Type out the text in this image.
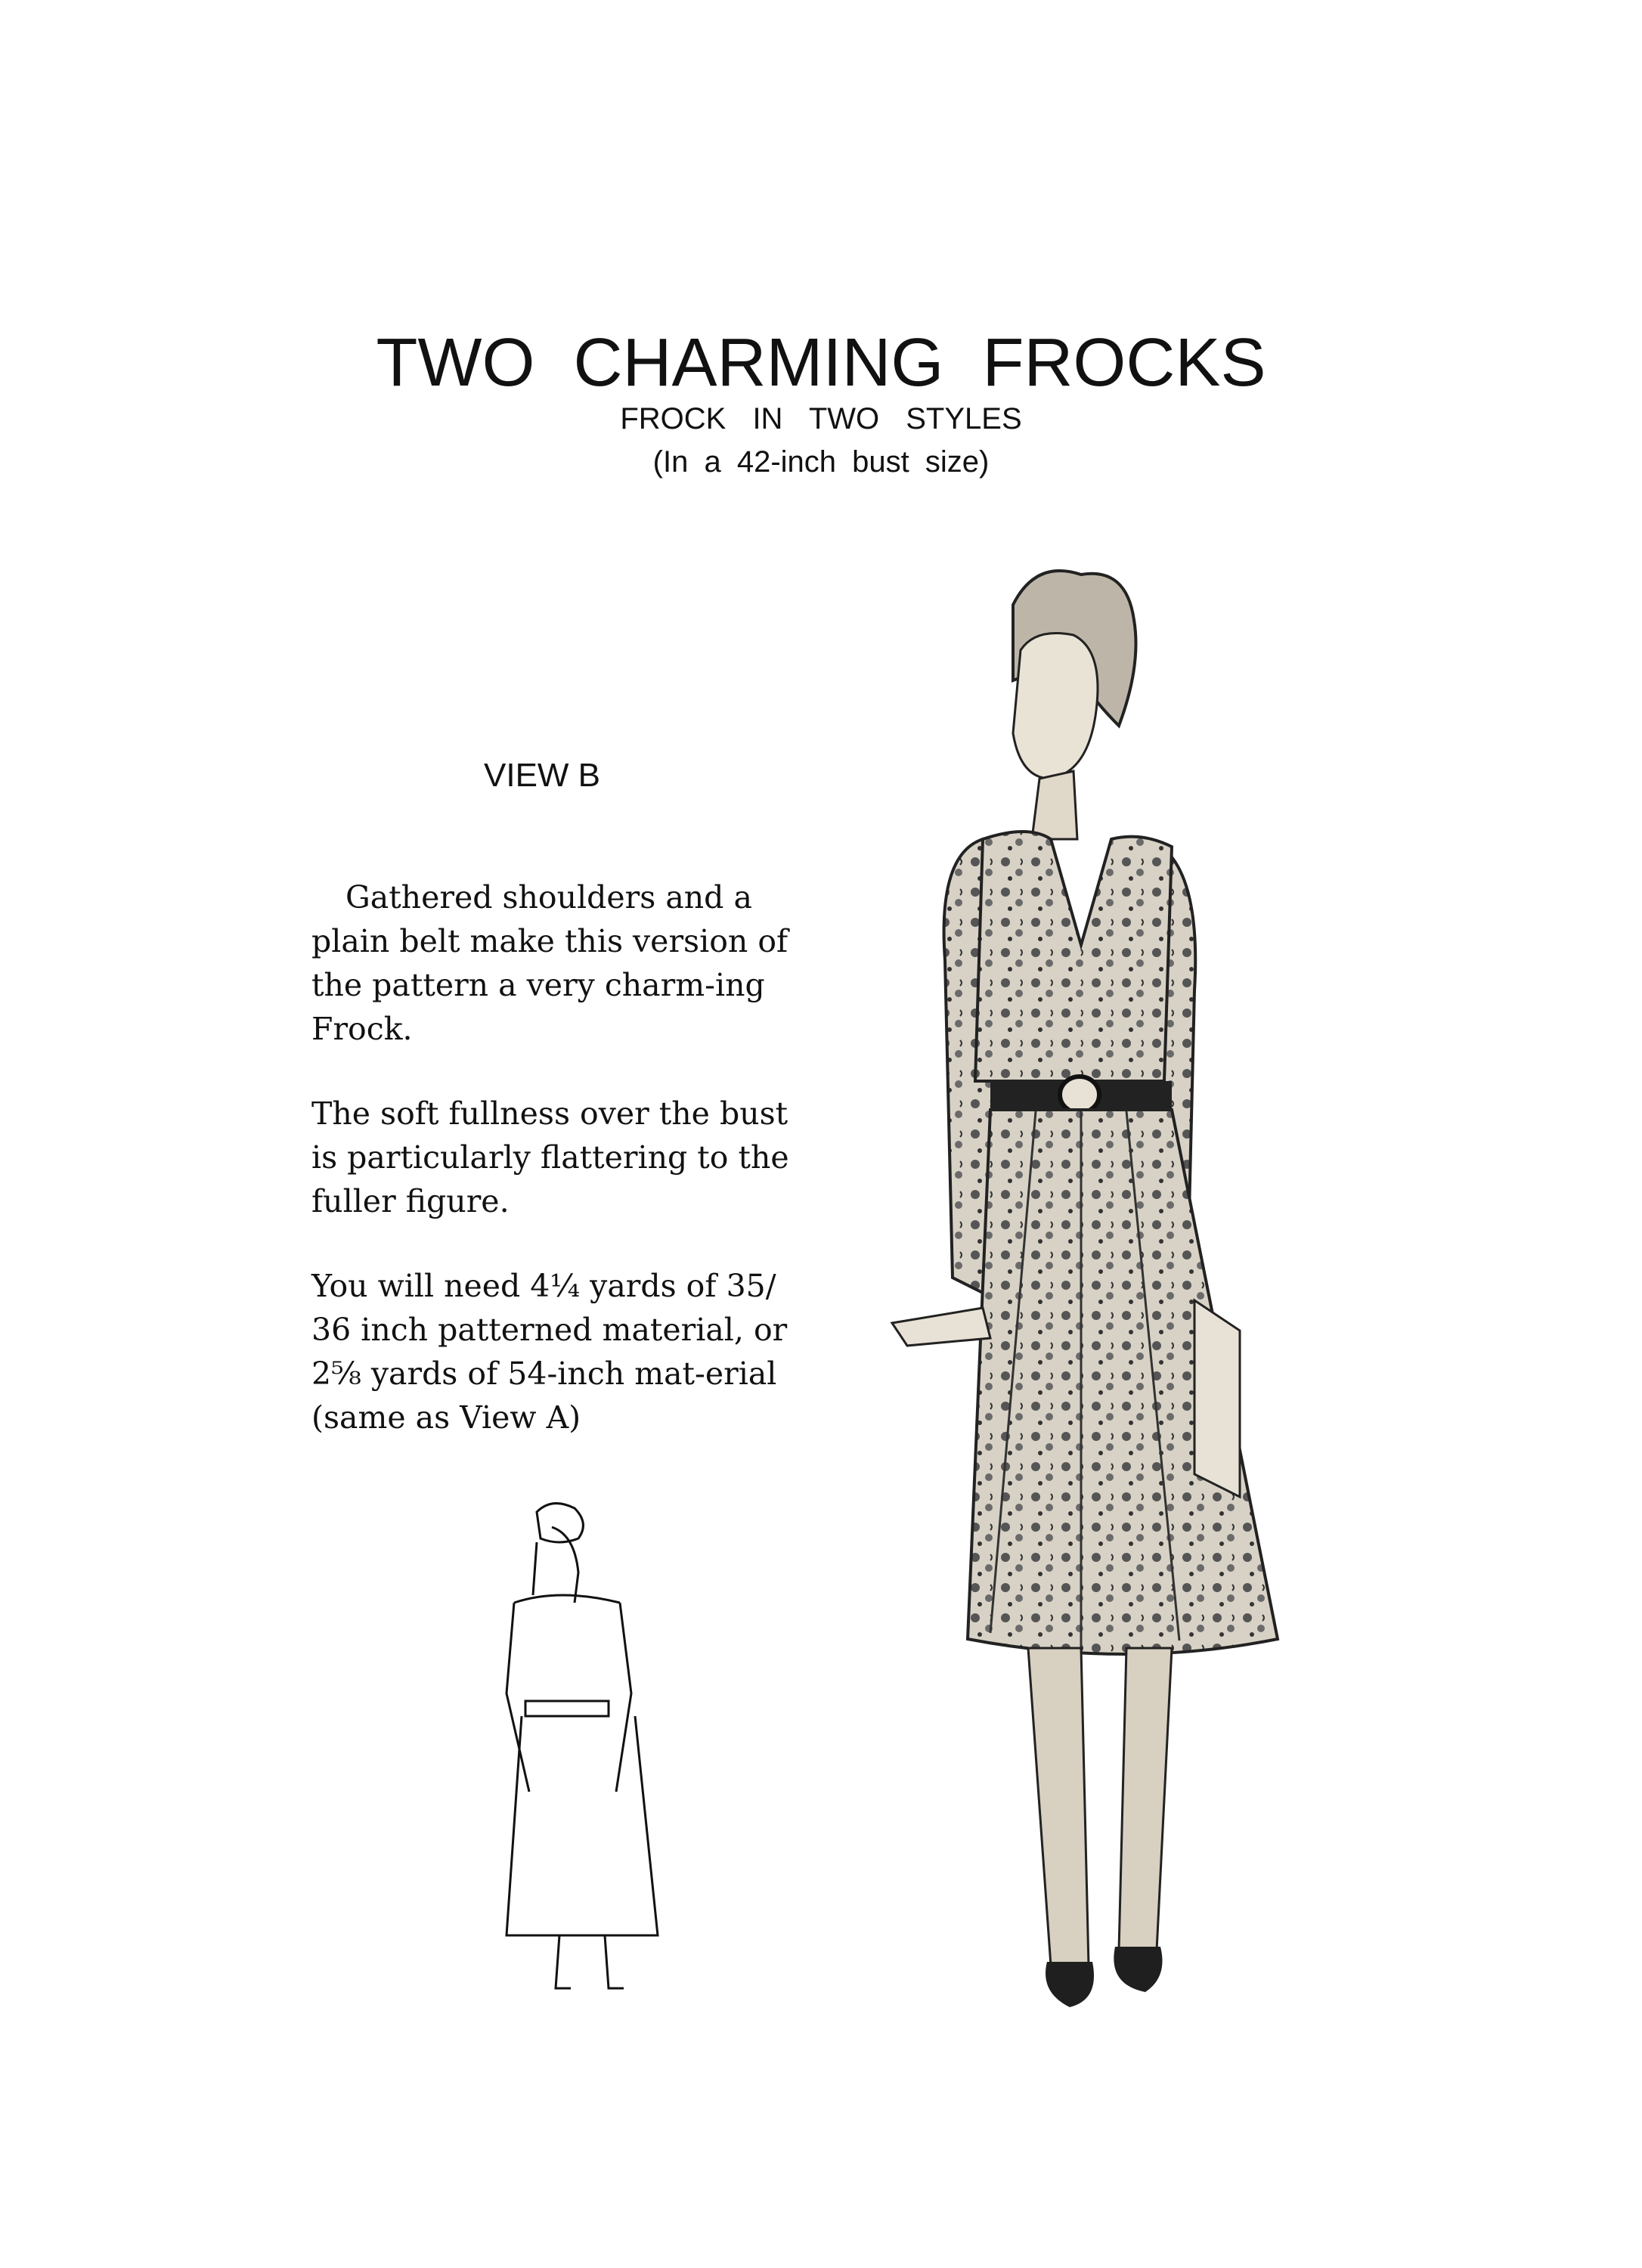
TWO CHARMING FROCKS
FROCK IN TWO STYLES
(In a 42-inch bust size)
VIEW B

Gathered shoulders and a plain belt make this version of the pattern a very charm-ing Frock.

The soft fullness over the bust is particularly flattering to the fuller figure.

You will need 4¼ yards of 35/ 36 inch patterned material, or 2⅝ yards of 54-inch mat-erial (same as View A)
